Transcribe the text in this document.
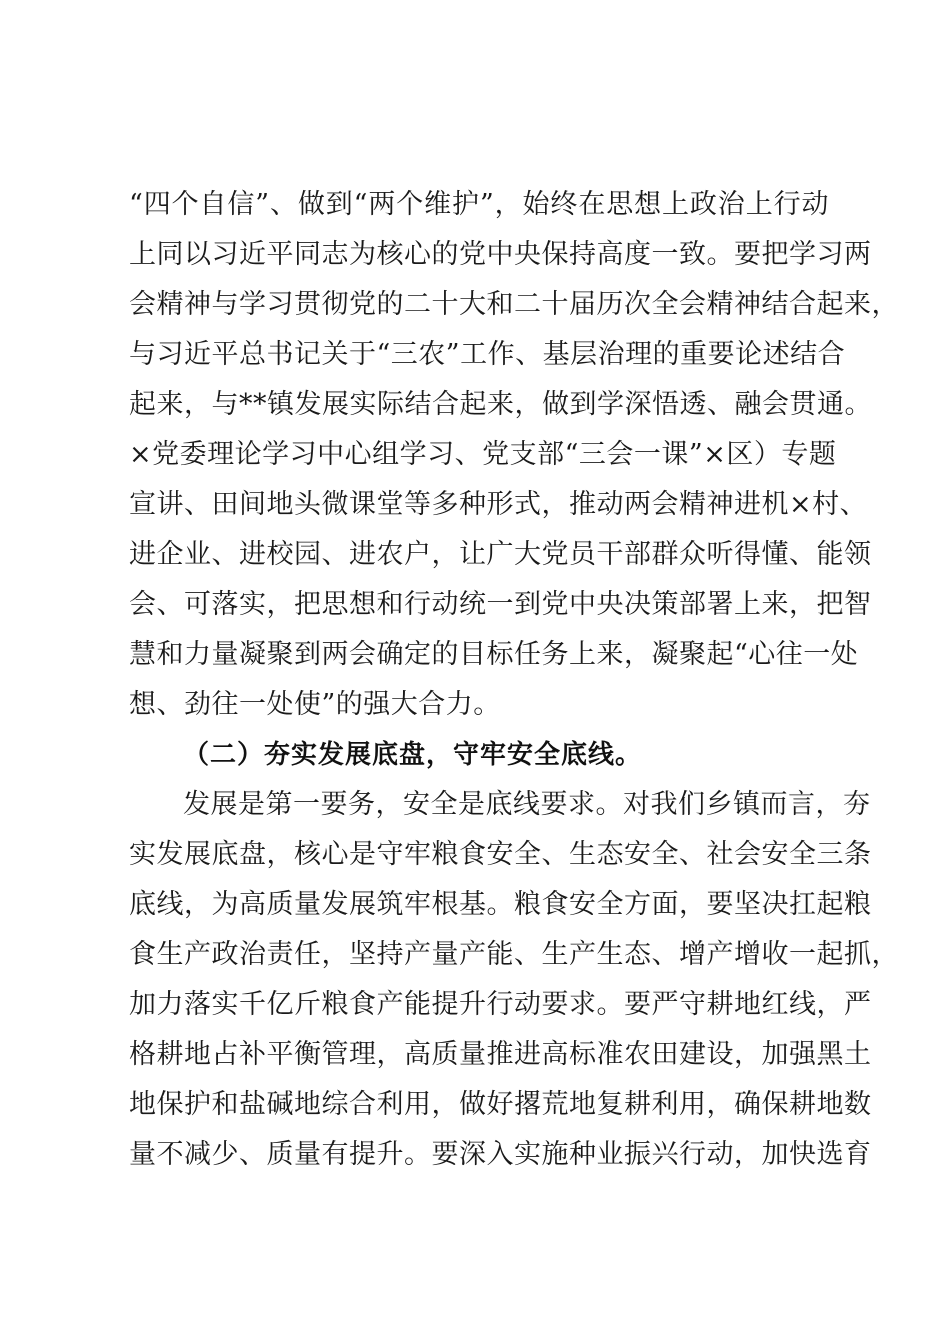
“四个自信”、做到“两个维护”，始终在思想上政治上行动
上同以习近平同志为核心的党中央保持高度一致。要把学习两
会精神与学习贯彻党的二十大和二十届历次全会精神结合起来，
与习近平总书记关于“三农”工作、基层治理的重要论述结合
起来，与**镇发展实际结合起来，做到学深悟透、融会贯通。
×党委理论学习中心组学习、党支部“三会一课”×区）专题
宣讲、田间地头微课堂等多种形式，推动两会精神进机×村、
进企业、进校园、进农户，让广大党员干部群众听得懂、能领
会、可落实，把思想和行动统一到党中央决策部署上来，把智
慧和力量凝聚到两会确定的目标任务上来，凝聚起“心往一处
想、劲往一处使”的强大合力。
（二）夯实发展底盘，守牢安全底线。
发展是第一要务，安全是底线要求。对我们乡镇而言，夯
实发展底盘，核心是守牢粮食安全、生态安全、社会安全三条
底线，为高质量发展筑牢根基。粮食安全方面，要坚决扛起粮
食生产政治责任，坚持产量产能、生产生态、增产增收一起抓，
加力落实千亿斤粮食产能提升行动要求。要严守耕地红线，严
格耕地占补平衡管理，高质量推进高标准农田建设，加强黑土
地保护和盐碱地综合利用，做好撂荒地复耕利用，确保耕地数
量不减少、质量有提升。要深入实施种业振兴行动，加快选育
